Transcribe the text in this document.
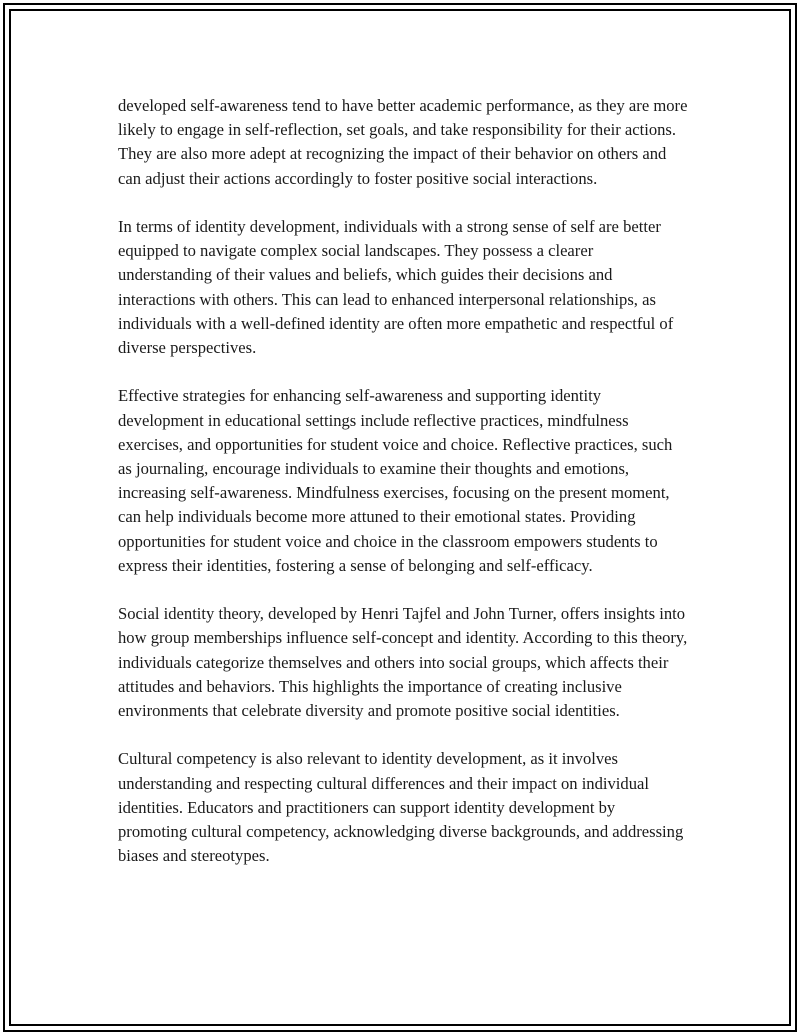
developed self-awareness tend to have better academic performance, as they are more likely to engage in self-reflection, set goals, and take responsibility for their actions. They are also more adept at recognizing the impact of their behavior on others and can adjust their actions accordingly to foster positive social interactions.

In terms of identity development, individuals with a strong sense of self are better equipped to navigate complex social landscapes. They possess a clearer understanding of their values and beliefs, which guides their decisions and interactions with others. This can lead to enhanced interpersonal relationships, as individuals with a well-defined identity are often more empathetic and respectful of diverse perspectives.

Effective strategies for enhancing self-awareness and supporting identity development in educational settings include reflective practices, mindfulness exercises, and opportunities for student voice and choice. Reflective practices, such as journaling, encourage individuals to examine their thoughts and emotions, increasing self-awareness. Mindfulness exercises, focusing on the present moment, can help individuals become more attuned to their emotional states. Providing opportunities for student voice and choice in the classroom empowers students to express their identities, fostering a sense of belonging and self-efficacy.

Social identity theory, developed by Henri Tajfel and John Turner, offers insights into how group memberships influence self-concept and identity. According to this theory, individuals categorize themselves and others into social groups, which affects their attitudes and behaviors. This highlights the importance of creating inclusive environments that celebrate diversity and promote positive social identities.

Cultural competency is also relevant to identity development, as it involves understanding and respecting cultural differences and their impact on individual identities. Educators and practitioners can support identity development by promoting cultural competency, acknowledging diverse backgrounds, and addressing biases and stereotypes.
